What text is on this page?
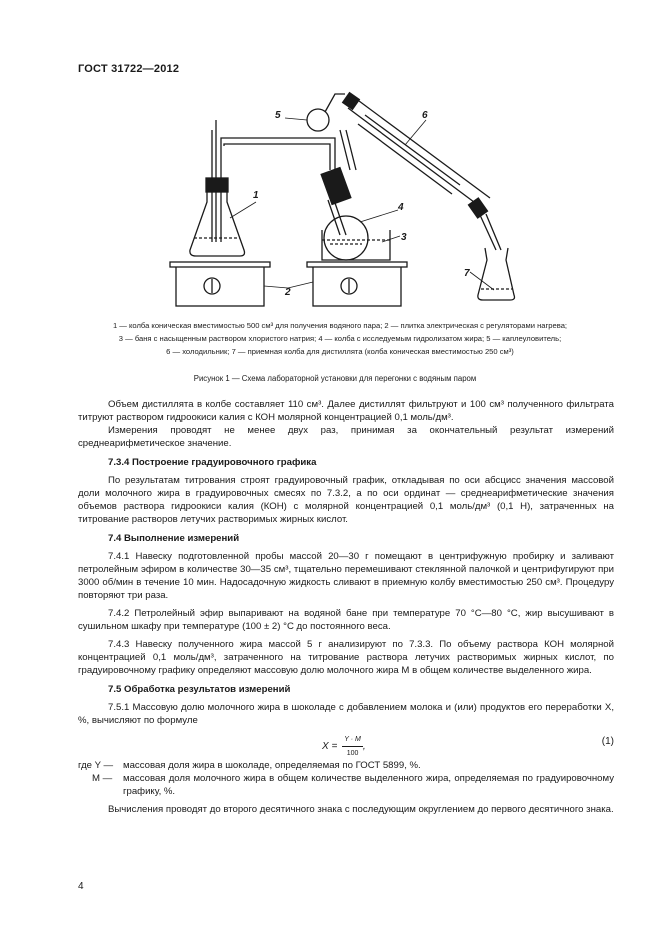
ГОСТ 31722—2012
1
2
3
4
5	6
7
1 — колба коническая вместимостью 500 см³ для получения водяного пара; 2 — плитка электрическая с регуляторами нагрева;
3 — баня с насыщенным раствором хлористого натрия; 4 — колба с исследуемым гидролизатом жира; 5 — каплеуловитель;
6 — холодильник; 7 — приемная колба для дистиллята (колба коническая вместимостью 250 см³)
Рисунок 1 — Схема лабораторной установки для перегонки с водяным паром

Объем дистиллята в колбе составляет 110 см³. Далее дистиллят фильтруют и 100 см³ полученного фильтрата титруют раствором гидроокиси калия с КОН молярной концентрацией 0,1 моль/дм³.

Измерения проводят не менее двух раз, принимая за окончательный результат измерений среднеарифметическое значение.

7.3.4 Построение градуировочного графика

По результатам титрования строят градуировочный график, откладывая по оси абсцисс значения массовой доли молочного жира в градуировочных смесях по 7.3.2, а по оси ординат — среднеарифметические значения объемов раствора гидроокиси калия (КОН) с молярной концентрацией 0,1 моль/дм³ (0,1 Н), затраченных на титрование растворов летучих растворимых жирных кислот.

7.4 Выполнение измерений

7.4.1 Навеску подготовленной пробы массой 20—30 г помещают в центрифужную пробирку и заливают петролейным эфиром в количестве 30—35 см³, тщательно перемешивают стеклянной палочкой и центрифугируют при 3000 об/мин в течение 10 мин. Надосадочную жидкость сливают в приемную колбу вместимостью 250 см³. Процедуру повторяют три раза.

7.4.2 Петролейный эфир выпаривают на водяной бане при температуре 70 °С—80 °С, жир высушивают в сушильном шкафу при температуре (100 ± 2) °С до постоянного веса.

7.4.3 Навеску полученного жира массой 5 г анализируют по 7.3.3. По объему раствора КОН молярной концентрацией 0,1 моль/дм³, затраченного на титрование раствора летучих растворимых жирных кислот, по градуировочному графику определяют массовую долю молочного жира М в общем количестве выделенного жира.

7.5 Обработка результатов измерений

7.5.1 Массовую долю молочного жира в шоколаде с добавлением молока и (или) продуктов его переработки X, %, вычисляют по формуле

$X = \frac{Y \cdot M}{100}$ ,	(1)
где Y —	массовая доля жира в шоколаде, определяемая по ГОСТ 5899, %.
М —	массовая доля молочного жира в общем количестве выделенного жира, определяемая по градуировочному графику, %.

Вычисления проводят до второго десятичного знака с последующим округлением до первого десятичного знака.

4
